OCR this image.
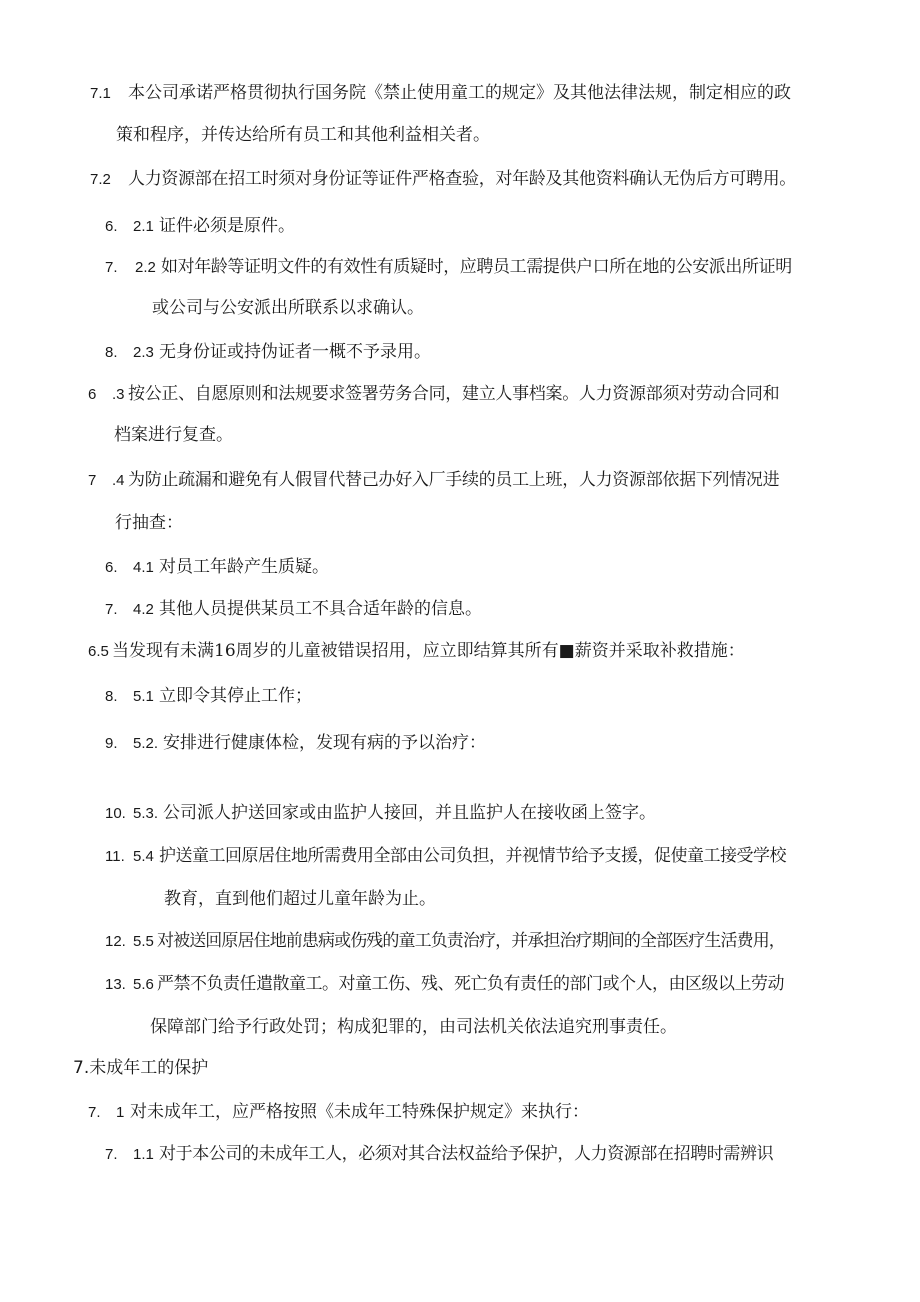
7.1 本公司承诺严格贯彻执行国务院《禁止使用童工的规定》及其他法律法规，制定相应的政
策和程序，并传达给所有员工和其他利益相关者。
7.2 人力资源部在招工时须对身份证等证件严格查验，对年龄及其他资料确认无伪后方可聘用。
6. 2.1 证件必须是原件。
7. 2.2 如对年龄等证明文件的有效性有质疑时，应聘员工需提供户口所在地的公安派出所证明
或公司与公安派出所联系以求确认。
8. 2.3 无身份证或持伪证者一概不予录用。
6 .3 按公正、自愿原则和法规要求签署劳务合同，建立人事档案。人力资源部须对劳动合同和
档案进行复查。
7 .4 为防止疏漏和避免有人假冒代替己办好入厂手续的员工上班，人力资源部依据下列情况进
行抽查：
6. 4.1 对员工年龄产生质疑。
7. 4.2 其他人员提供某员工不具合适年龄的信息。
6.5 当发现有未满16周岁的儿童被错误招用，应立即结算其所有■薪资并采取补救措施：
8. 5.1 立即令其停止工作；
9. 5.2. 安排进行健康体检，发现有病的予以治疗：
10. 5.3. 公司派人护送回家或由监护人接回，并且监护人在接收函上签字。
11. 5.4 护送童工回原居住地所需费用全部由公司负担，并视情节给予支援，促使童工接受学校
教育，直到他们超过儿童年龄为止。
12. 5.5 对被送回原居住地前患病或伤残的童工负责治疗，并承担治疗期间的全部医疗生活费用，
13. 5.6 严禁不负责任遣散童工。对童工伤、残、死亡负有责任的部门或个人，由区级以上劳动
保障部门给予行政处罚；构成犯罪的，由司法机关依法追究刑事责任。
7.未成年工的保护
7. 1 对未成年工，应严格按照《未成年工特殊保护规定》来执行：
7. 1.1 对于本公司的未成年工人，必须对其合法权益给予保护，人力资源部在招聘时需辨识
